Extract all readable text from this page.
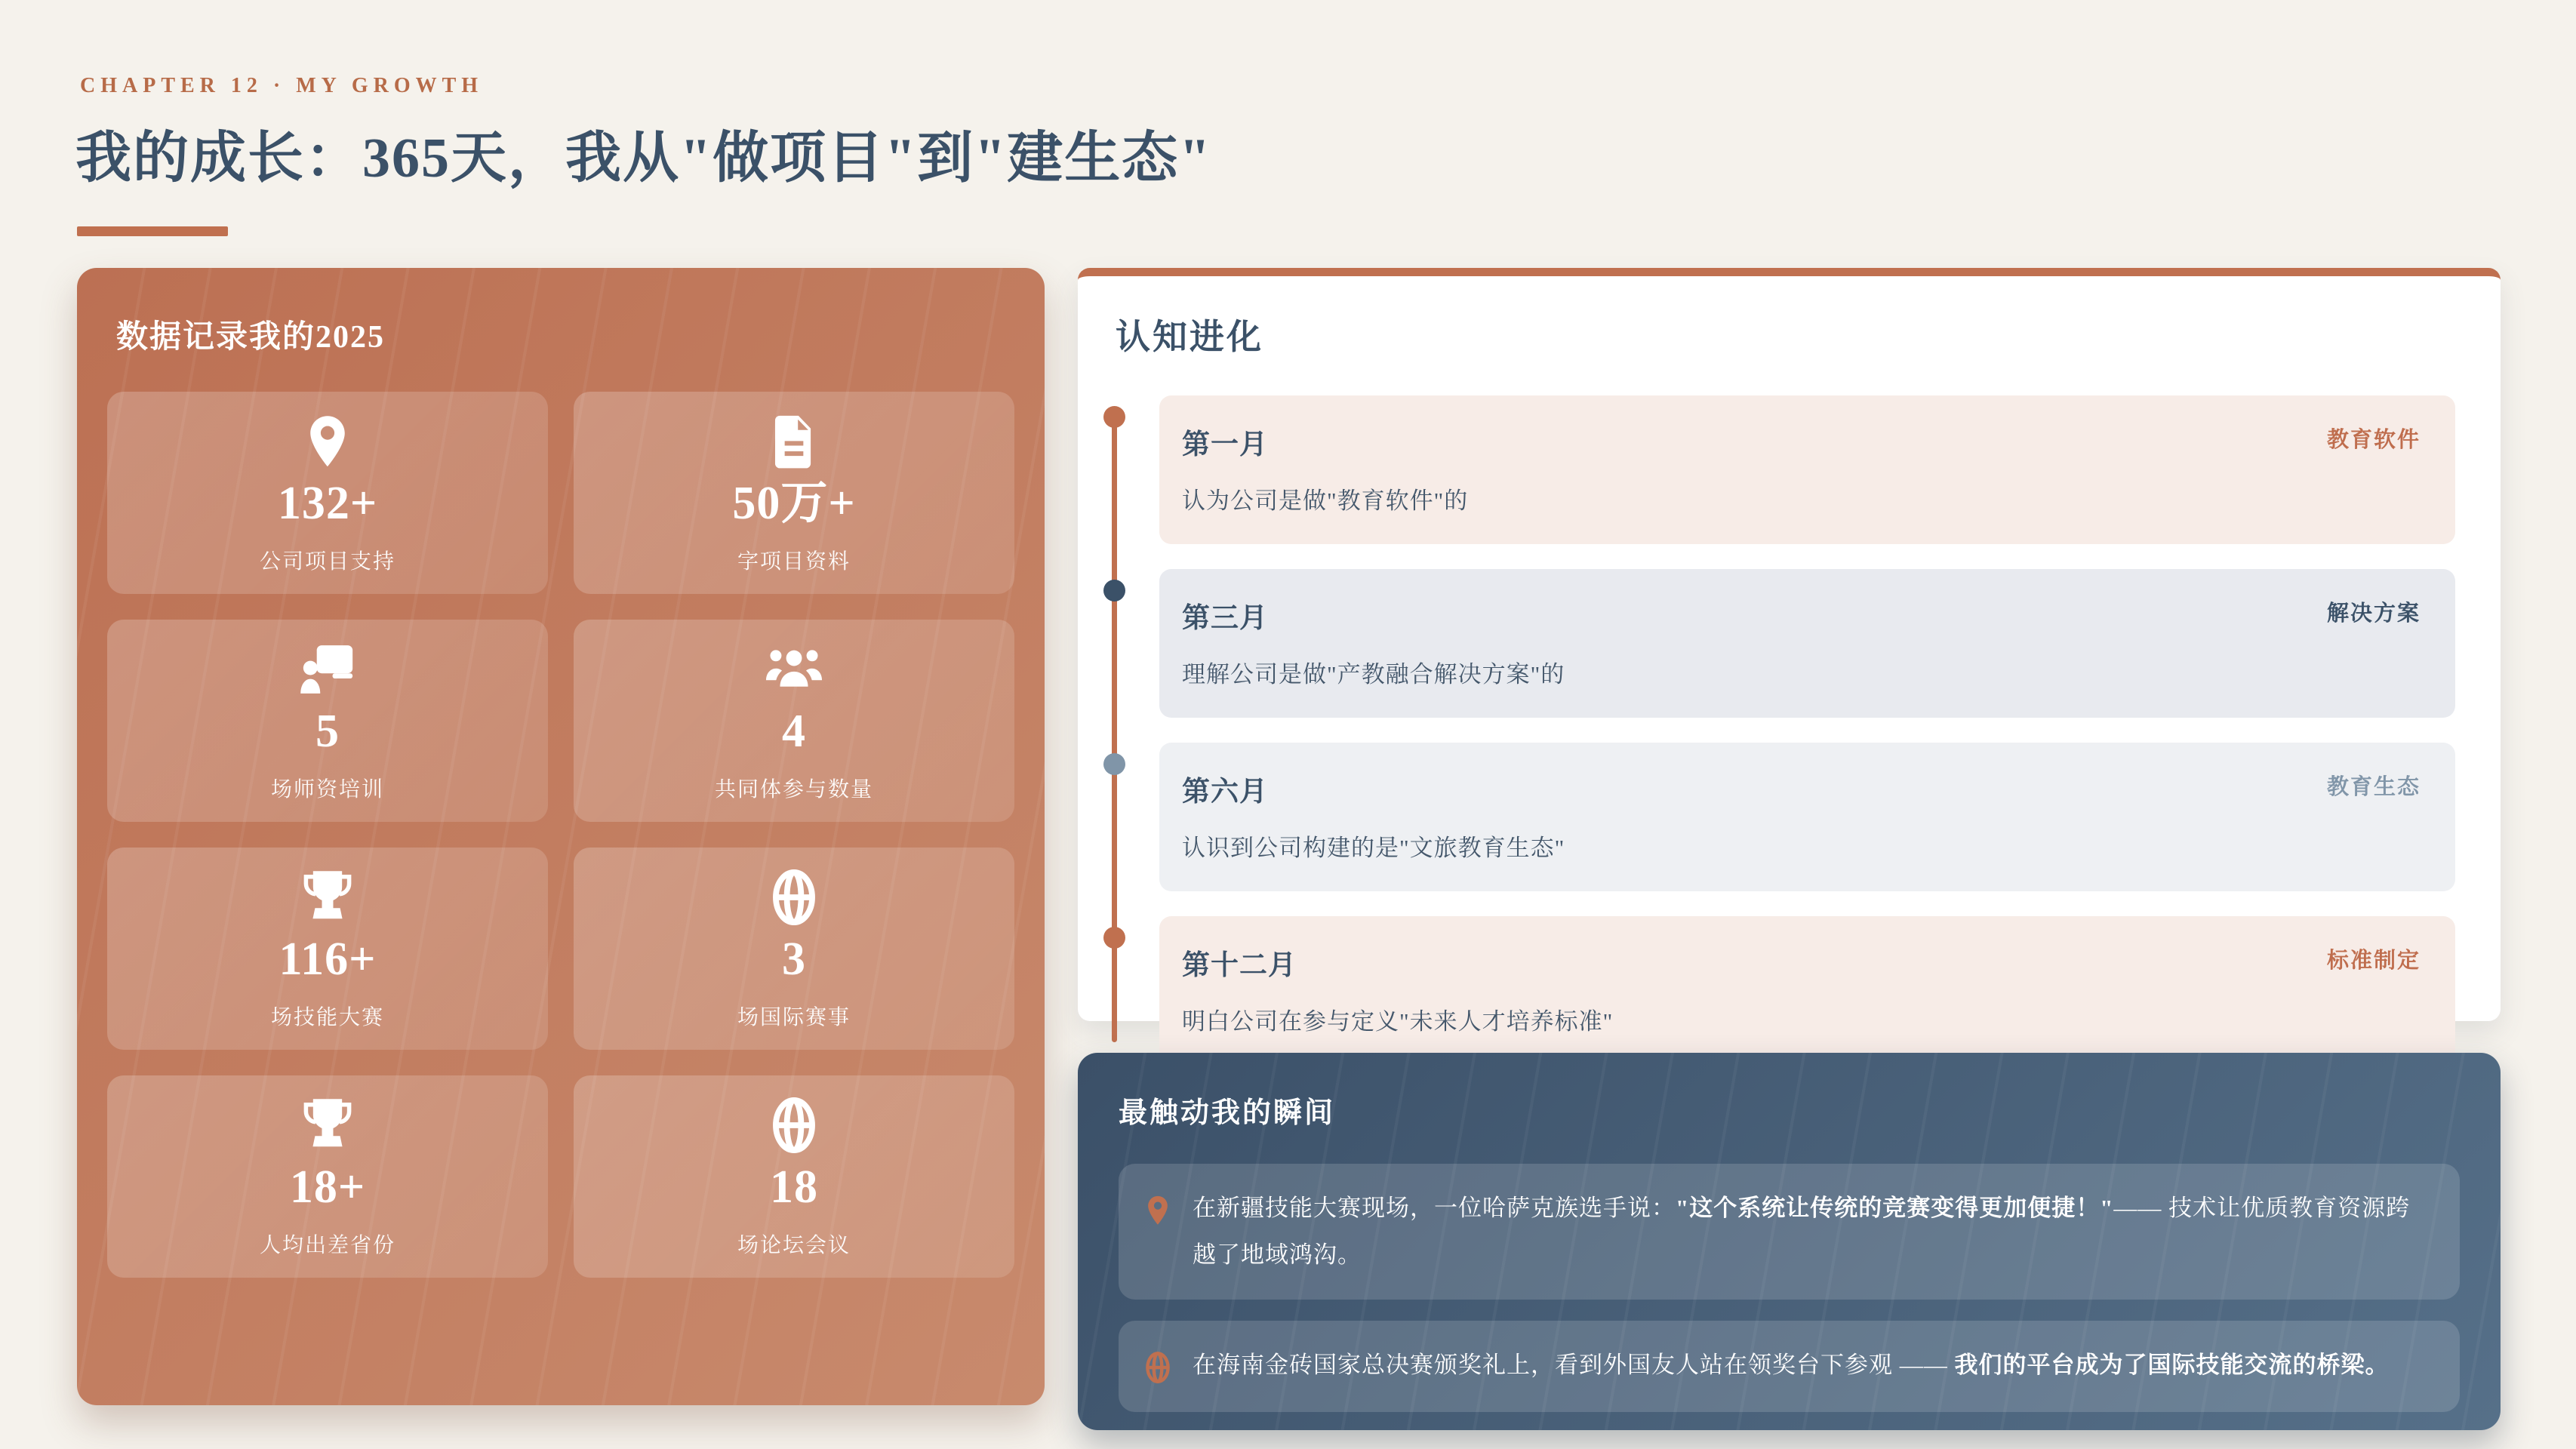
CHAPTER 12 · MY GROWTH
我的成长：365天，我从"做项目"到"建生态"
数据记录我的2025
132+
公司项目支持
50万+
字项目资料
5
场师资培训
4
共同体参与数量
116+
场技能大赛
3
场国际赛事
18+
人均出差省份
18
场论坛会议
认知进化
第一月
认为公司是做"教育软件"的
教育软件
第三月
理解公司是做"产教融合解决方案"的
解决方案
第六月
认识到公司构建的是"文旅教育生态"
教育生态
第十二月
明白公司在参与定义"未来人才培养标准"
标准制定
最触动我的瞬间

在新疆技能大赛现场，一位哈萨克族选手说："这个系统让传统的竞赛变得更加便捷！"—— 技术让优质教育资源跨越了地域鸿沟。

在海南金砖国家总决赛颁奖礼上，看到外国友人站在领奖台下参观 —— 我们的平台成为了国际技能交流的桥梁。
